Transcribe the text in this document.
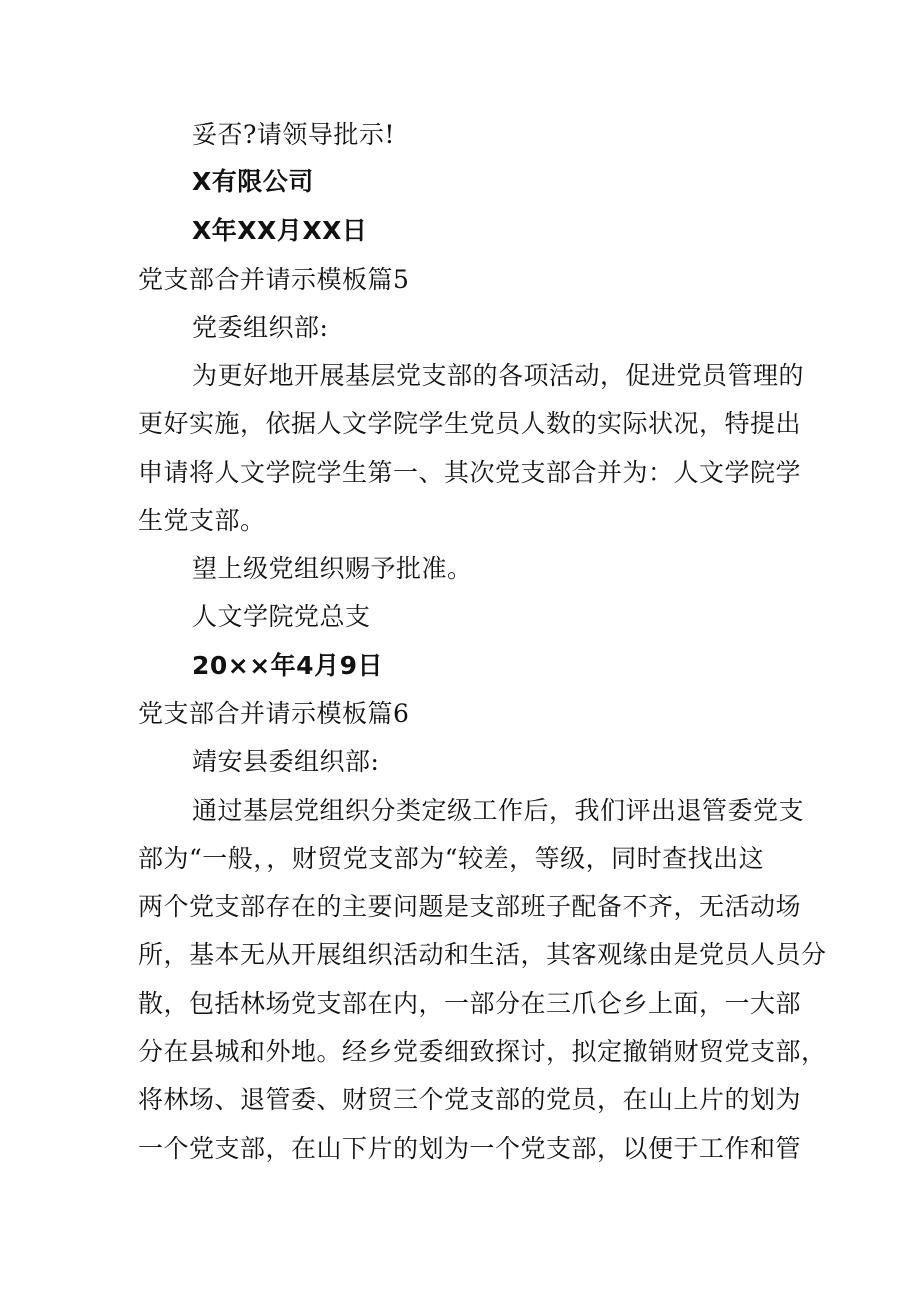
妥否?请领导批示!
X有限公司
X年XX月XX日
党支部合并请示模板篇5
党委组织部:
为更好地开展基层党支部的各项活动，促进党员管理的
更好实施，依据人文学院学生党员人数的实际状况，特提出
申请将人文学院学生第一、其次党支部合并为：人文学院学
生党支部。
望上级党组织赐予批准。
人文学院党总支
20××年4月9日
党支部合并请示模板篇6
靖安县委组织部:
通过基层党组织分类定级工作后，我们评出退管委党支
部为“一般，，财贸党支部为“较差，等级，同时查找出这
两个党支部存在的主要问题是支部班子配备不齐，无活动场
所，基本无从开展组织活动和生活，其客观缘由是党员人员分
散，包括林场党支部在内，一部分在三爪仑乡上面，一大部
分在县城和外地。经乡党委细致探讨，拟定撤销财贸党支部，
将林场、退管委、财贸三个党支部的党员，在山上片的划为
一个党支部，在山下片的划为一个党支部，以便于工作和管
